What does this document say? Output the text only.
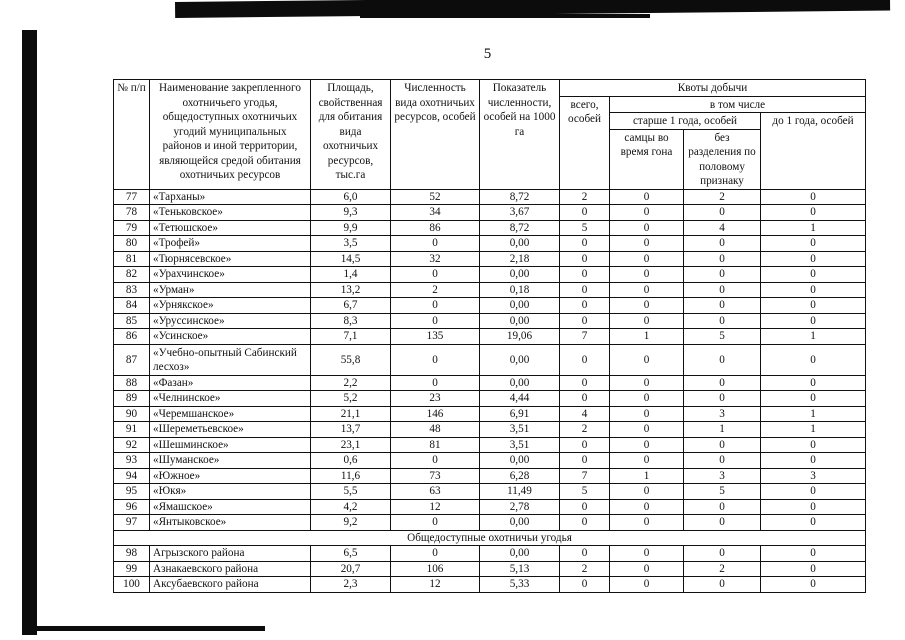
5
№ п/п	Наименование закрепленного охотничьего угодья, общедоступных охотничьих угодий муниципальных районов и иной территории, являющейся средой обитания охотничьих ресурсов	Площадь, свойственная для обитания вида охотничьих ресурсов, тыс.га	Численность вида охотничьих ресурсов, особей	Показатель численности, особей на 1000 га	Квоты добычи			
					всего, особей	в том числе		
						старше 1 года, особей		до 1 года, особей
						самцы во время гона	без разделения по половому признаку	
77	«Тарханы»	6,0	52	8,72	2	0	2	0
78	«Теньковское»	9,3	34	3,67	0	0	0	0
79	«Тетюшское»	9,9	86	8,72	5	0	4	1
80	«Трофей»	3,5	0	0,00	0	0	0	0
81	«Тюрнясевское»	14,5	32	2,18	0	0	0	0
82	«Урахчинское»	1,4	0	0,00	0	0	0	0
83	«Урман»	13,2	2	0,18	0	0	0	0
84	«Урнякское»	6,7	0	0,00	0	0	0	0
85	«Уруссинское»	8,3	0	0,00	0	0	0	0
86	«Усинское»	7,1	135	19,06	7	1	5	1
87	«Учебно-опытный Сабинский лесхоз»	55,8	0	0,00	0	0	0	0
88	«Фазан»	2,2	0	0,00	0	0	0	0
89	«Челнинское»	5,2	23	4,44	0	0	0	0
90	«Черемшанское»	21,1	146	6,91	4	0	3	1
91	«Шереметьевское»	13,7	48	3,51	2	0	1	1
92	«Шешминское»	23,1	81	3,51	0	0	0	0
93	«Шуманское»	0,6	0	0,00	0	0	0	0
94	«Южное»	11,6	73	6,28	7	1	3	3
95	«Юкя»	5,5	63	11,49	5	0	5	0
96	«Ямашское»	4,2	12	2,78	0	0	0	0
97	«Янтыковское»	9,2	0	0,00	0	0	0	0
Общедоступные охотничьи угодья								
98	Агрызского района	6,5	0	0,00	0	0	0	0
99	Азнакаевского района	20,7	106	5,13	2	0	2	0
100	Аксубаевского района	2,3	12	5,33	0	0	0	0
